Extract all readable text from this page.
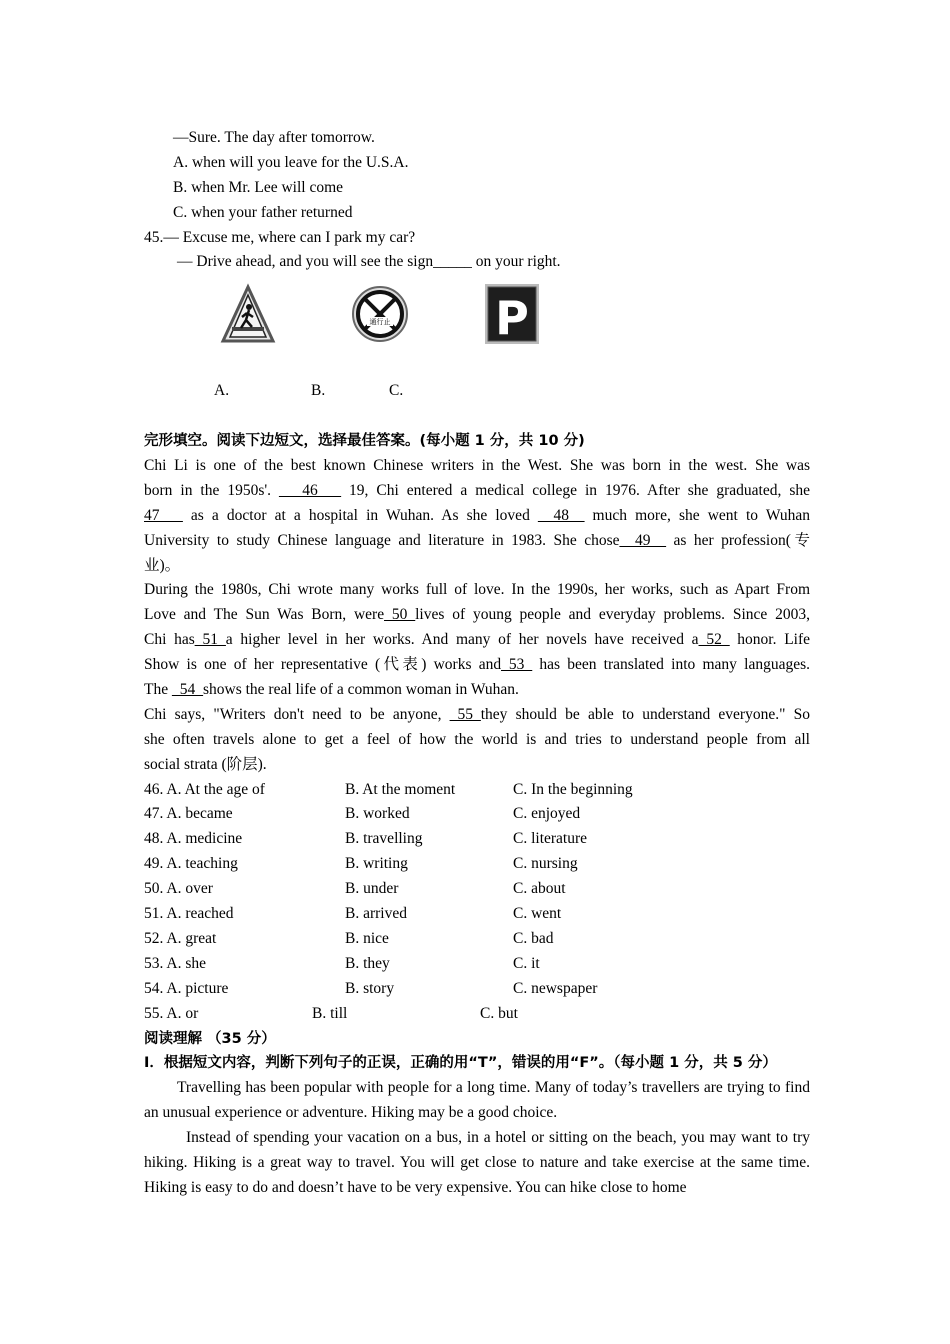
—Sure. The day after tomorrow.
A. when will you leave for the U.S.A.
B. when Mr. Lee will come
C. when your father returned
45.— Excuse me, where can I park my car?
— Drive ahead, and you will see the sign_____ on your right.
通行止 P
A.	B.	C.
完形填空。阅读下边短文，选择最佳答案。(每小题 1 分，共 10 分)
Chi Li is one of the best known Chinese writers in the West. She was born in the west. She was
born in the 1950s'. ___46___ 19, Chi entered a medical college in 1976. After she graduated, she
47___ as a doctor at a hospital in Wuhan. As she loved __48__ much more, she went to Wuhan
University to study Chinese language and literature in 1983. She chose__49__ as her profession(专
业)。
During the 1980s, Chi wrote many works full of love. In the 1990s, her works, such as Apart From
Love and The Sun Was Born, were_50_lives of young people and everyday problems. Since 2003,
Chi has_51_a higher level in her works. And many of her novels have received a_52_ honor. Life
Show is one of her representative (代表) works and_53_ has been translated into many languages.
The _54_shows the real life of a common woman in Wuhan.
Chi says, "Writers don't need to be anyone, _55_they should be able to understand everyone." So
she often travels alone to get a feel of how the world is and tries to understand people from all
social strata (阶层).
46. A. At the age of	B. At the moment	C. In the beginning
47. A. became	B. worked	C. enjoyed
48. A. medicine	B. travelling	C. literature
49. A. teaching	B. writing	C. nursing
50. A. over	B. under	C. about
51. A. reached	B. arrived	C. went
52. A. great	B. nice	C. bad
53. A. she	B. they	C. it
54. A. picture	B. story	C. newspaper
55. A. or	B. till	C. but
阅读理解 （35 分）
I．根据短文内容，判断下列句子的正误，正确的用“T”，错误的用“F”。（每小题 1 分，共 5 分）
Travelling has been popular with people for a long time. Many of today’s travellers are trying to find an unusual experience or adventure. Hiking may be a good choice.
Instead of spending your vacation on a bus, in a hotel or sitting on the beach, you may want to try hiking. Hiking is a great way to travel. You will get close to nature and take exercise at the same time. Hiking is easy to do and doesn’t have to be very expensive. You can hike close to home
